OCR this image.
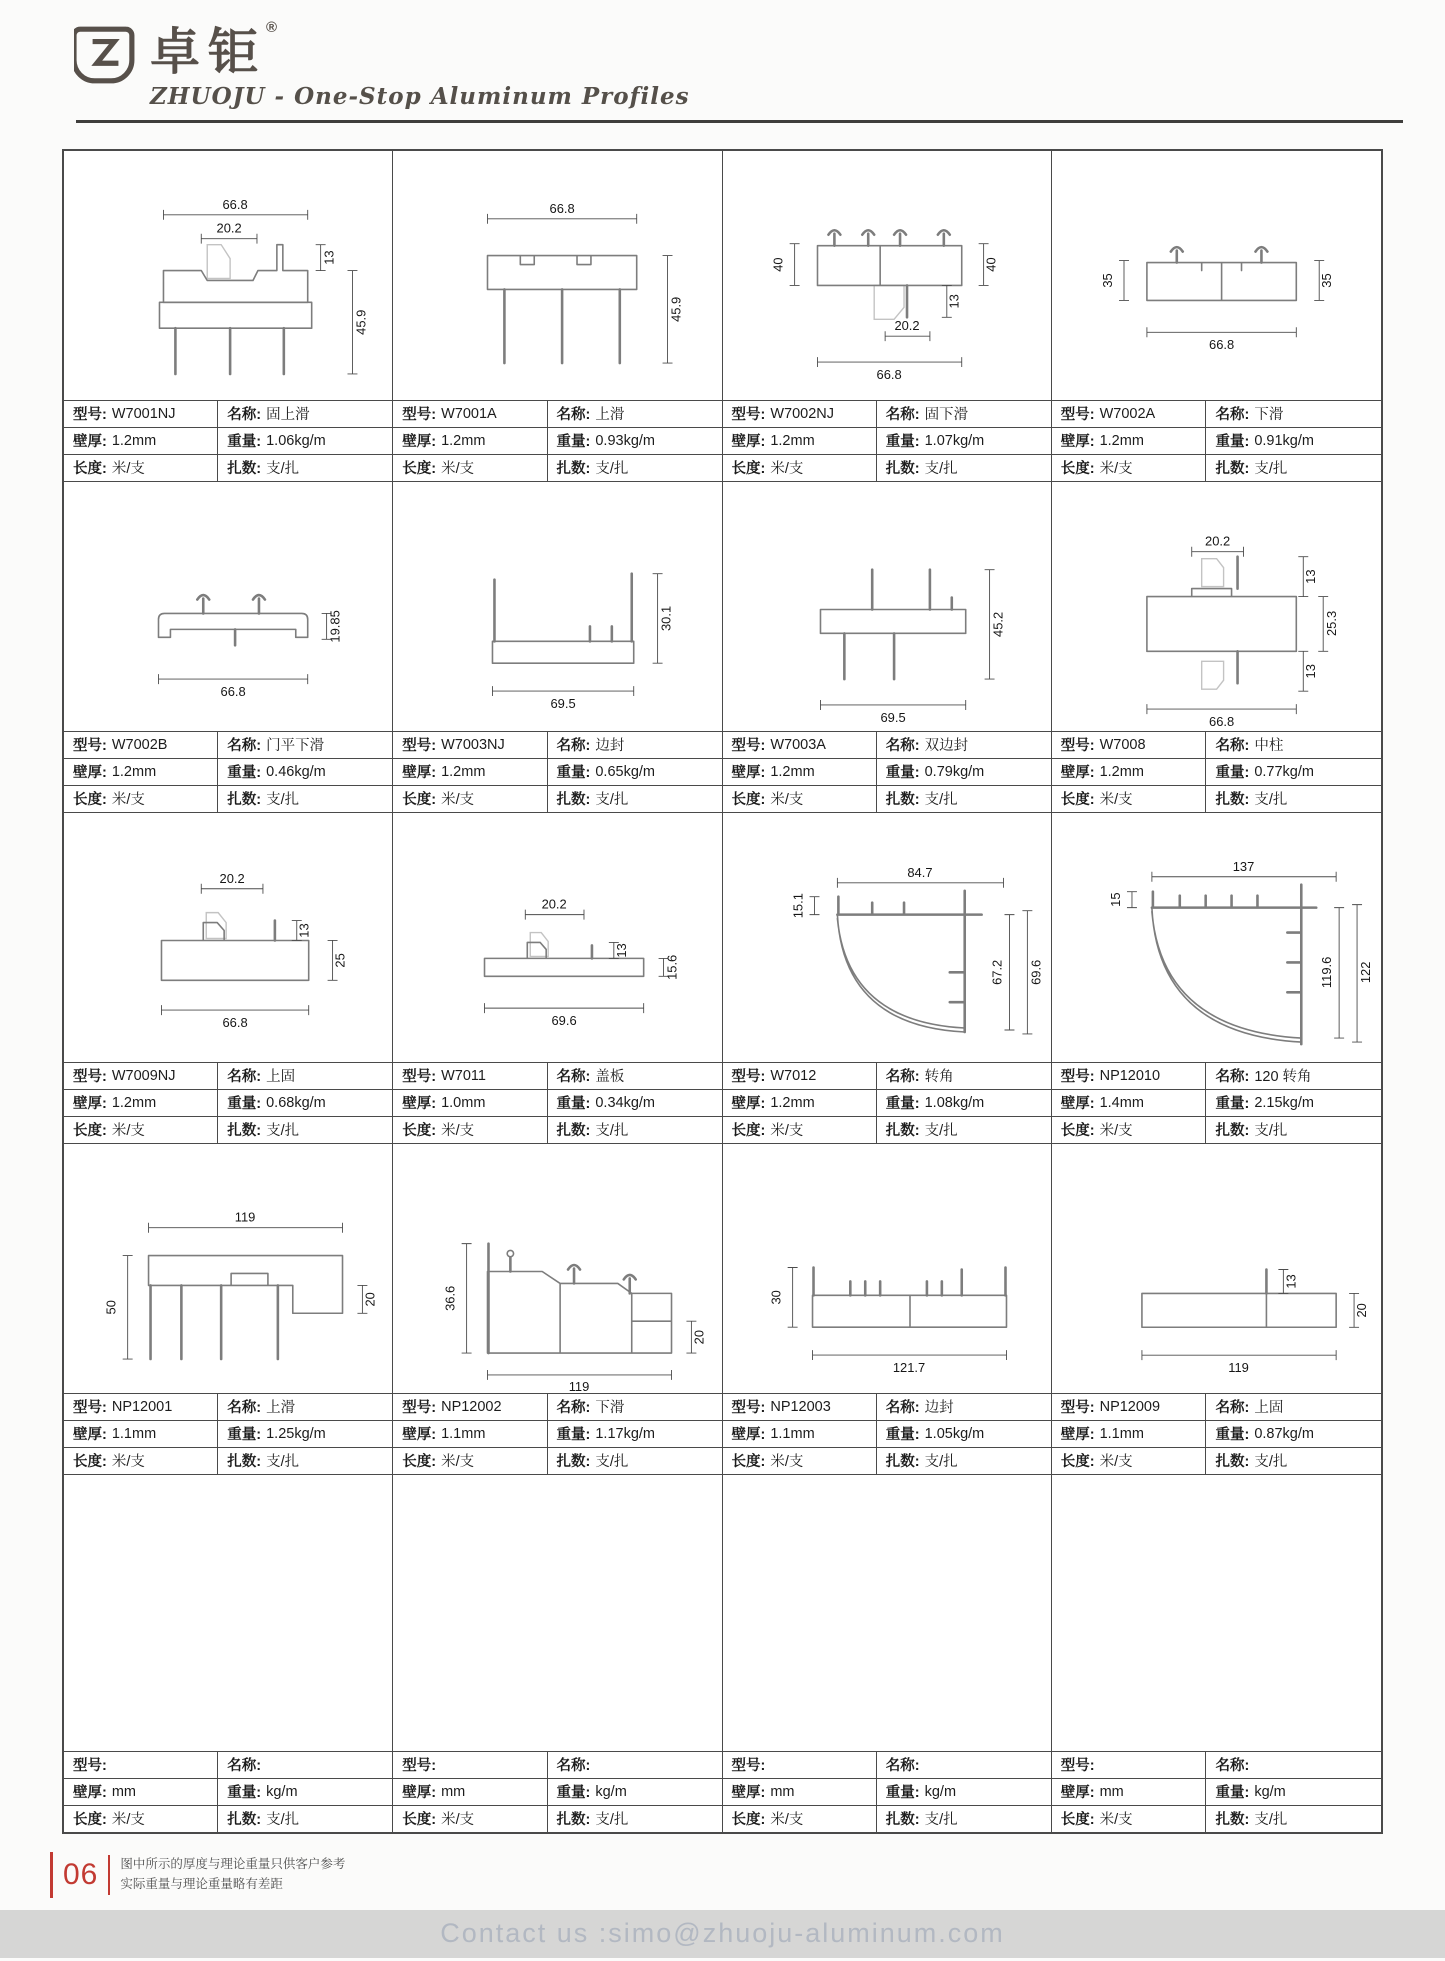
卓钜®
ZHUOJU - One-Stop Aluminum Profiles
66.8
20.2
13
45.9
型号: W7001NJ	名称: 固上滑
壁厚: 1.2mm	重量: 1.06kg/m
长度: 米/支	扎数: 支/扎
66.8
45.9
型号: W7001A	名称: 上滑
壁厚: 1.2mm	重量: 0.93kg/m
长度: 米/支	扎数: 支/扎
40	40
20.2
13
66.8
型号: W7002NJ	名称: 固下滑
壁厚: 1.2mm	重量: 1.07kg/m
长度: 米/支	扎数: 支/扎
35	35
66.8
型号: W7002A	名称: 下滑
壁厚: 1.2mm	重量: 0.91kg/m
长度: 米/支	扎数: 支/扎
19.85
66.8
型号: W7002B	名称: 门平下滑
壁厚: 1.2mm	重量: 0.46kg/m
长度: 米/支	扎数: 支/扎
30.1
69.5
型号: W7003NJ	名称: 边封
壁厚: 1.2mm	重量: 0.65kg/m
长度: 米/支	扎数: 支/扎
45.2
69.5
型号: W7003A	名称: 双边封
壁厚: 1.2mm	重量: 0.79kg/m
长度: 米/支	扎数: 支/扎
20.2
13
25.3
13
66.8
型号: W7008	名称: 中柱
壁厚: 1.2mm	重量: 0.77kg/m
长度: 米/支	扎数: 支/扎
20.2
13
25
66.8
型号: W7009NJ	名称: 上固
壁厚: 1.2mm	重量: 0.68kg/m
长度: 米/支	扎数: 支/扎
20.2
13
15.6
69.6
型号: W7011	名称: 盖板
壁厚: 1.0mm	重量: 0.34kg/m
长度: 米/支	扎数: 支/扎
84.7
15.1
67.2 69.6
型号: W7012	名称: 转角
壁厚: 1.2mm	重量: 1.08kg/m
长度: 米/支	扎数: 支/扎
137
15
119.6 122
型号: NP12010	名称: 120 转角
壁厚: 1.4mm	重量: 2.15kg/m
长度: 米/支	扎数: 支/扎
119
50
20
型号: NP12001	名称: 上滑
壁厚: 1.1mm	重量: 1.25kg/m
长度: 米/支	扎数: 支/扎
36.6
119
20
型号: NP12002	名称: 下滑
壁厚: 1.1mm	重量: 1.17kg/m
长度: 米/支	扎数: 支/扎
30
121.7
型号: NP12003	名称: 边封
壁厚: 1.1mm	重量: 1.05kg/m
长度: 米/支	扎数: 支/扎
13
119
20
型号: NP12009	名称: 上固
壁厚: 1.1mm	重量: 0.87kg/m
长度: 米/支	扎数: 支/扎
型号:	名称:
壁厚: mm	重量: kg/m
长度: 米/支	扎数: 支/扎
型号:	名称:
壁厚: mm	重量: kg/m
长度: 米/支	扎数: 支/扎
型号:	名称:
壁厚: mm	重量: kg/m
长度: 米/支	扎数: 支/扎
型号:	名称:
壁厚: mm	重量: kg/m
长度: 米/支	扎数: 支/扎
06 图中所示的厚度与理论重量只供客户参考
实际重量与理论重量略有差距
Contact us :simo@zhuoju-aluminum.com
